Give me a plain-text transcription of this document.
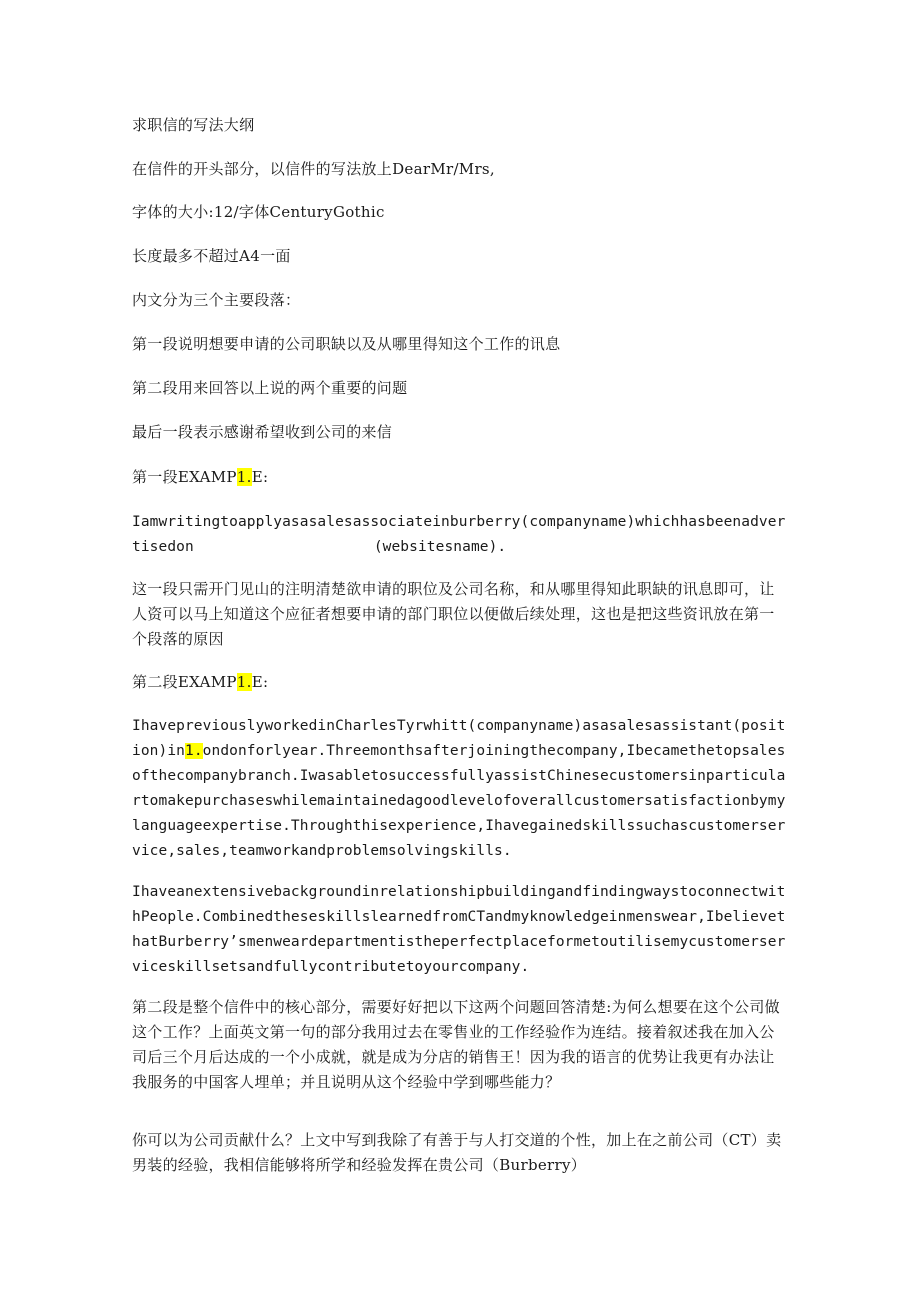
求职信的写法大纲

在信件的开头部分，以信件的写法放上DearMr/Mrs,

字体的大小:12/字体CenturyGothic

长度最多不超过A4一面

内文分为三个主要段落：

第一段说明想要申请的公司职缺以及从哪里得知这个工作的讯息

第二段用来回答以上说的两个重要的问题

最后一段表示感谢希望收到公司的来信

第一段EXAMP1.E:

Iamwritingtoapplyasasalesassociateinburberry(companyname)whichhasbeenadvertisedon	(websitesname).

这一段只需开门见山的注明清楚欲申请的职位及公司名称，和从哪里得知此职缺的讯息即可，让人资可以马上知道这个应征者想要申请的部门职位以便做后续处理，这也是把这些资讯放在第一个段落的原因

第二段EXAMP1.E:

IhavepreviouslyworkedinCharlesTyrwhitt(companyname)asasalesassistant(position)in1.ondonforlyear.Threemonthsafterjoiningthecompany,Ibecamethetopsalesofthecompanybranch.IwasabletosuccessfullyassistChinesecustomersinparticulartomakepurchaseswhilemaintainedagoodlevelofoverallcustomersatisfactionbymylanguageexpertise.Throughthisexperience,Ihavegainedskillssuchascustomerservice,sales,teamworkandproblemsolvingskills.

IhaveanextensivebackgroundinrelationshipbuildingandfindingwaystoconnectwithPeople.CombinedtheseskillslearnedfromCTandmyknowledgeinmenswear,IbelievethatBurberry’smenweardepartmentistheperfectplaceformetoutilisemycustomerserviceskillsetsandfullycontributetoyourcompany.

第二段是整个信件中的核心部分，需要好好把以下这两个问题回答清楚:为何么想要在这个公司做这个工作？上面英文第一句的部分我用过去在零售业的工作经验作为连结。接着叙述我在加入公司后三个月后达成的一个小成就，就是成为分店的销售王！因为我的语言的优势让我更有办法让我服务的中国客人埋单；并且说明从这个经验中学到哪些能力？

你可以为公司贡献什么？上文中写到我除了有善于与人打交道的个性，加上在之前公司（CT）卖男装的经验，我相信能够将所学和经验发挥在贵公司（Burberry）
